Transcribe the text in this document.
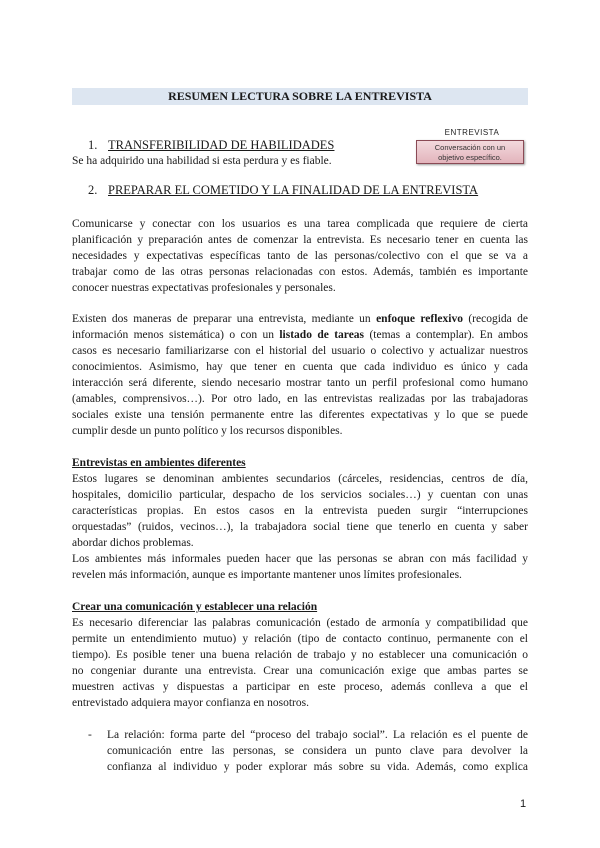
RESUMEN LECTURA SOBRE LA ENTREVISTA
1. TRANSFERIBILIDAD DE HABILIDADES
Se ha adquirido una habilidad si esta perdura y es fiable.
ENTREVISTA
Conversación con un
objetivo específico.
2. PREPARAR EL COMETIDO Y LA FINALIDAD DE LA ENTREVISTA
Comunicarse y conectar con los usuarios es una tarea complicada que requiere de cierta
planificación y preparación antes de comenzar la entrevista. Es necesario tener en cuenta las
necesidades y expectativas específicas tanto de las personas/colectivo con el que se va a
trabajar como de las otras personas relacionadas con estos. Además, también es importante
conocer nuestras expectativas profesionales y personales.
Existen dos maneras de preparar una entrevista, mediante un enfoque reflexivo (recogida de
información menos sistemática) o con un listado de tareas (temas a contemplar). En ambos
casos es necesario familiarizarse con el historial del usuario o colectivo y actualizar nuestros
conocimientos. Asimismo, hay que tener en cuenta que cada individuo es único y cada
interacción será diferente, siendo necesario mostrar tanto un perfil profesional como humano
(amables, comprensivos…). Por otro lado, en las entrevistas realizadas por las trabajadoras
sociales existe una tensión permanente entre las diferentes expectativas y lo que se puede
cumplir desde un punto político y los recursos disponibles.
Entrevistas en ambientes diferentes
Estos lugares se denominan ambientes secundarios (cárceles, residencias, centros de día,
hospitales, domicilio particular, despacho de los servicios sociales…) y cuentan con unas
características propias. En estos casos en la entrevista pueden surgir “interrupciones
orquestadas” (ruidos, vecinos…), la trabajadora social tiene que tenerlo en cuenta y saber
abordar dichos problemas.
Los ambientes más informales pueden hacer que las personas se abran con más facilidad y
revelen más información, aunque es importante mantener unos límites profesionales.
Crear una comunicación y establecer una relación
Es necesario diferenciar las palabras comunicación (estado de armonía y compatibilidad que
permite un entendimiento mutuo) y relación (tipo de contacto continuo, permanente con el
tiempo). Es posible tener una buena relación de trabajo y no establecer una comunicación o
no congeniar durante una entrevista. Crear una comunicación exige que ambas partes se
muestren activas y dispuestas a participar en este proceso, además conlleva a que el
entrevistado adquiera mayor confianza en nosotros.
- La relación: forma parte del “proceso del trabajo social”. La relación es el puente de
comunicación entre las personas, se considera un punto clave para devolver la
confianza al individuo y poder explorar más sobre su vida. Además, como explica
1
